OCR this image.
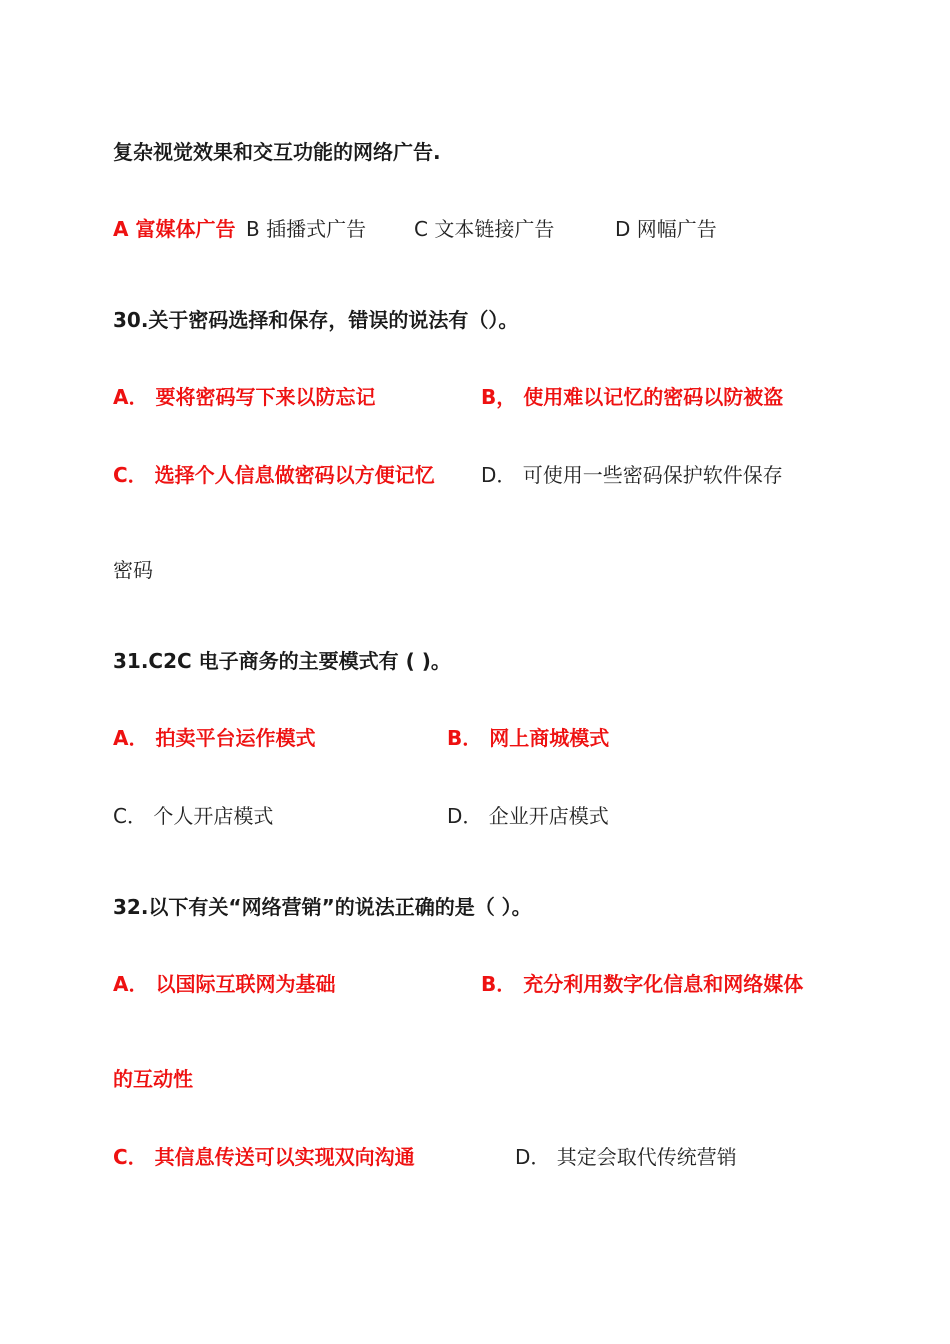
复杂视觉效果和交互功能的网络广告.
A 富媒体广告 B 插播式广告 C 文本链接广告	D 网幅广告
30.关于密码选择和保存，错误的说法有（）。
A． 要将密码写下来以防忘记	B， 使用难以记忆的密码以防被盗
C． 选择个人信息做密码以方便记忆 D． 可使用一些密码保护软件保存
密码
31.C2C 电子商务的主要模式有 ( )。
A． 拍卖平台运作模式	B． 网上商城模式
C． 个人开店模式	D． 企业开店模式
32.以下有关“网络营销”的说法正确的是（ ）。
A． 以国际互联网为基础	B． 充分利用数字化信息和网络媒体
的互动性
C． 其信息传送可以实现双向沟通	D． 其定会取代传统营销
